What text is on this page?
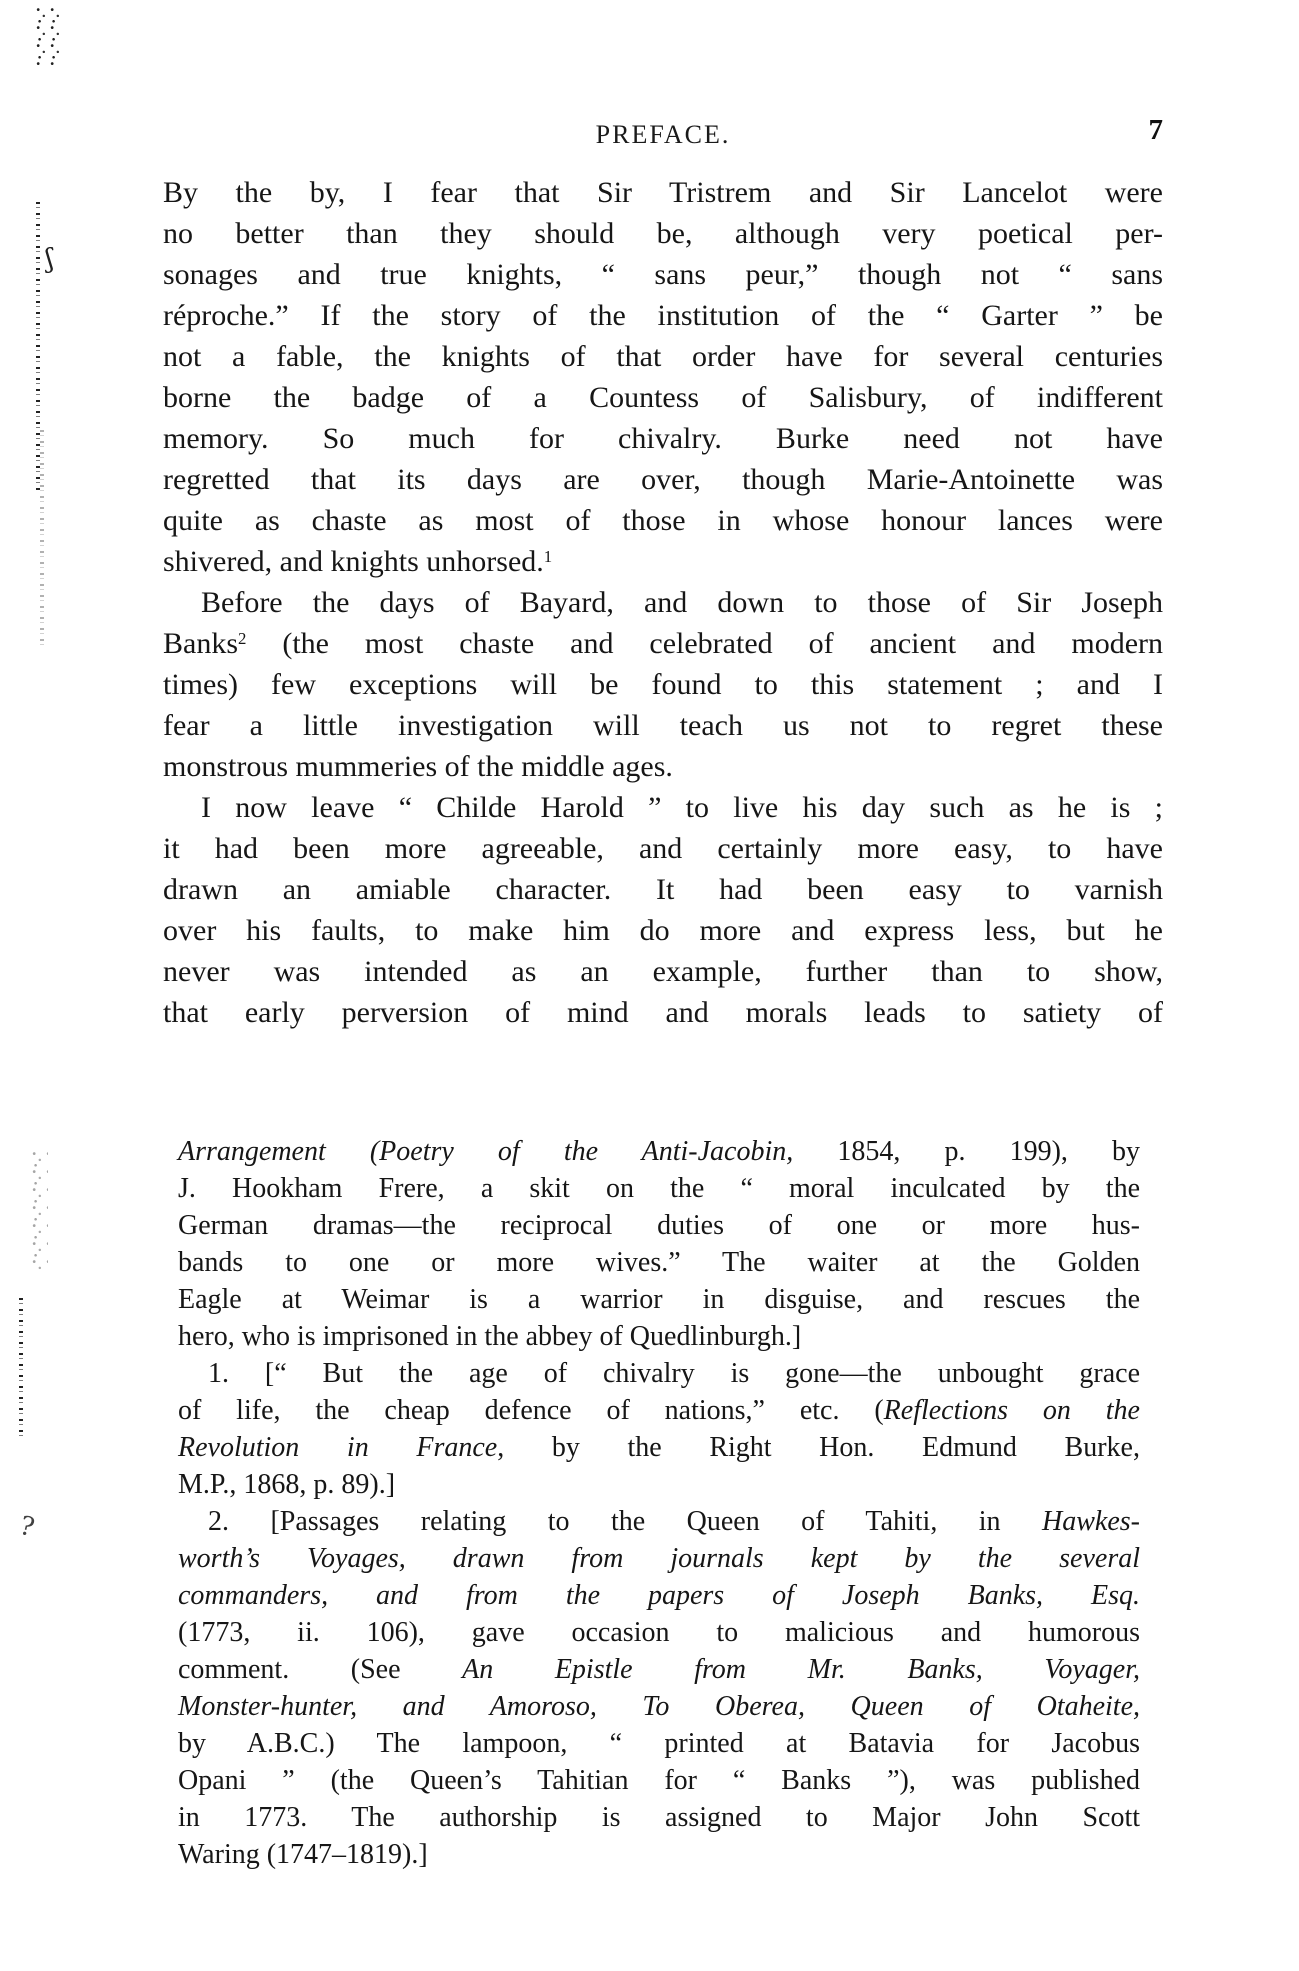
PREFACE.	7
By the by, I fear that Sir Tristrem and Sir Lancelot were
no better than they should be, although very poetical per-
sonages and true knights, “ sans peur,” though not “ sans
réproche.” If the story of the institution of the “ Garter ” be
not a fable, the knights of that order have for several centuries
borne the badge of a Countess of Salisbury, of indifferent
memory. So much for chivalry. Burke need not have
regretted that its days are over, though Marie-Antoinette was
quite as chaste as most of those in whose honour lances were
shivered, and knights unhorsed.$^1$
Before the days of Bayard, and down to those of Sir Joseph
Banks$^2$ (the most chaste and celebrated of ancient and modern
times) few exceptions will be found to this statement ; and I
fear a little investigation will teach us not to regret these
monstrous mummeries of the middle ages.
I now leave “ Childe Harold ” to live his day such as he is ;
it had been more agreeable, and certainly more easy, to have
drawn an amiable character. It had been easy to varnish
over his faults, to make him do more and express less, but he
never was intended as an example, further than to show,
that early perversion of mind and morals leads to satiety of
Arrangement (Poetry of the Anti-Jacobin, 1854, p. 199), by
J. Hookham Frere, a skit on the “ moral inculcated by the
German dramas—the reciprocal duties of one or more hus-
bands to one or more wives.” The waiter at the Golden
Eagle at Weimar is a warrior in disguise, and rescues the
hero, who is imprisoned in the abbey of Quedlinburgh.]
1. [“ But the age of chivalry is gone—the unbought grace
of life, the cheap defence of nations,” etc. (Reflections on the
Revolution in France, by the Right Hon. Edmund Burke,
M.P., 1868, p. 89).]
2. [Passages relating to the Queen of Tahiti, in Hawkes-
worth’s Voyages, drawn from journals kept by the several
commanders, and from the papers of Joseph Banks, Esq.
(1773, ii. 106), gave occasion to malicious and humorous
comment. (See An Epistle from Mr. Banks, Voyager,
Monster-hunter, and Amoroso, To Oberea, Queen of Otaheite,
by A.B.C.) The lampoon, “ printed at Batavia for Jacobus
Opani ” (the Queen’s Tahitian for “ Banks ”), was published
in 1773. The authorship is assigned to Major John Scott
Waring (1747–1819).]
ʃ
?
